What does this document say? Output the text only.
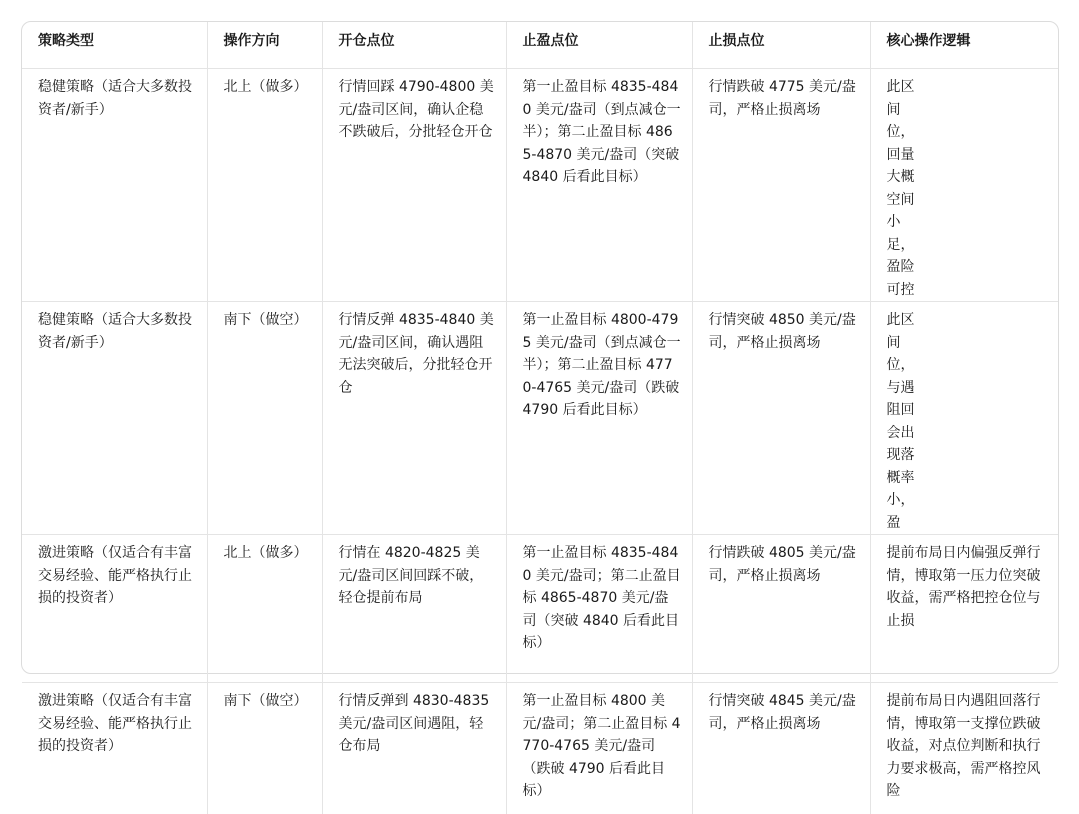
策略类型	操作方向	开仓点位	止盈点位	止损点位	核心操作逻辑
稳健策略（适合大多数投资者/新手）	北上（做多）	行情回踩 4790-4800 美元/盎司区间，确认企稳不跌破后，分批轻仓开仓	第一止盈目标 4835-4840 美元/盎司（到点减仓一半）；第二止盈目标 4865-4870 美元/盎司（突破 4840 后看此目标）	行情跌破 4775 美元/盎司，严格止损离场	此区间位，回量大概空间小足，盈险可控

稳健策略（适合大多数投资者/新手）	南下（做空）	行情反弹 4835-4840 美元/盎司区间，确认遇阻无法突破后，分批轻仓开仓	第一止盈目标 4800-4795 美元/盎司（到点减仓一半）；第二止盈目标 4770-4765 美元/盎司（跌破 4790 后看此目标）	行情突破 4850 美元/盎司，严格止损离场	此区间位，与遇阻回会出现落概率小，盈

激进策略（仅适合有丰富交易经验、能严格执行止损的投资者）	北上（做多）	行情在 4820-4825 美元/盎司区间回踩不破，轻仓提前布局	第一止盈目标 4835-4840 美元/盎司；第二止盈目标 4865-4870 美元/盎司（突破 4840 后看此目标）	行情跌破 4805 美元/盎司，严格止损离场	提前布局日内偏强反弹行情，博取第一压力位突破收益，需严格把控仓位与止损
激进策略（仅适合有丰富交易经验、能严格执行止损的投资者）	南下（做空）	行情反弹到 4830-4835 美元/盎司区间遇阻，轻仓布局	第一止盈目标 4800 美元/盎司；第二止盈目标 4770-4765 美元/盎司（跌破 4790 后看此目标）	行情突破 4845 美元/盎司，严格止损离场	提前布局日内遇阻回落行情，博取第一支撑位跌破收益，对点位判断和执行力要求极高，需严格控风险
